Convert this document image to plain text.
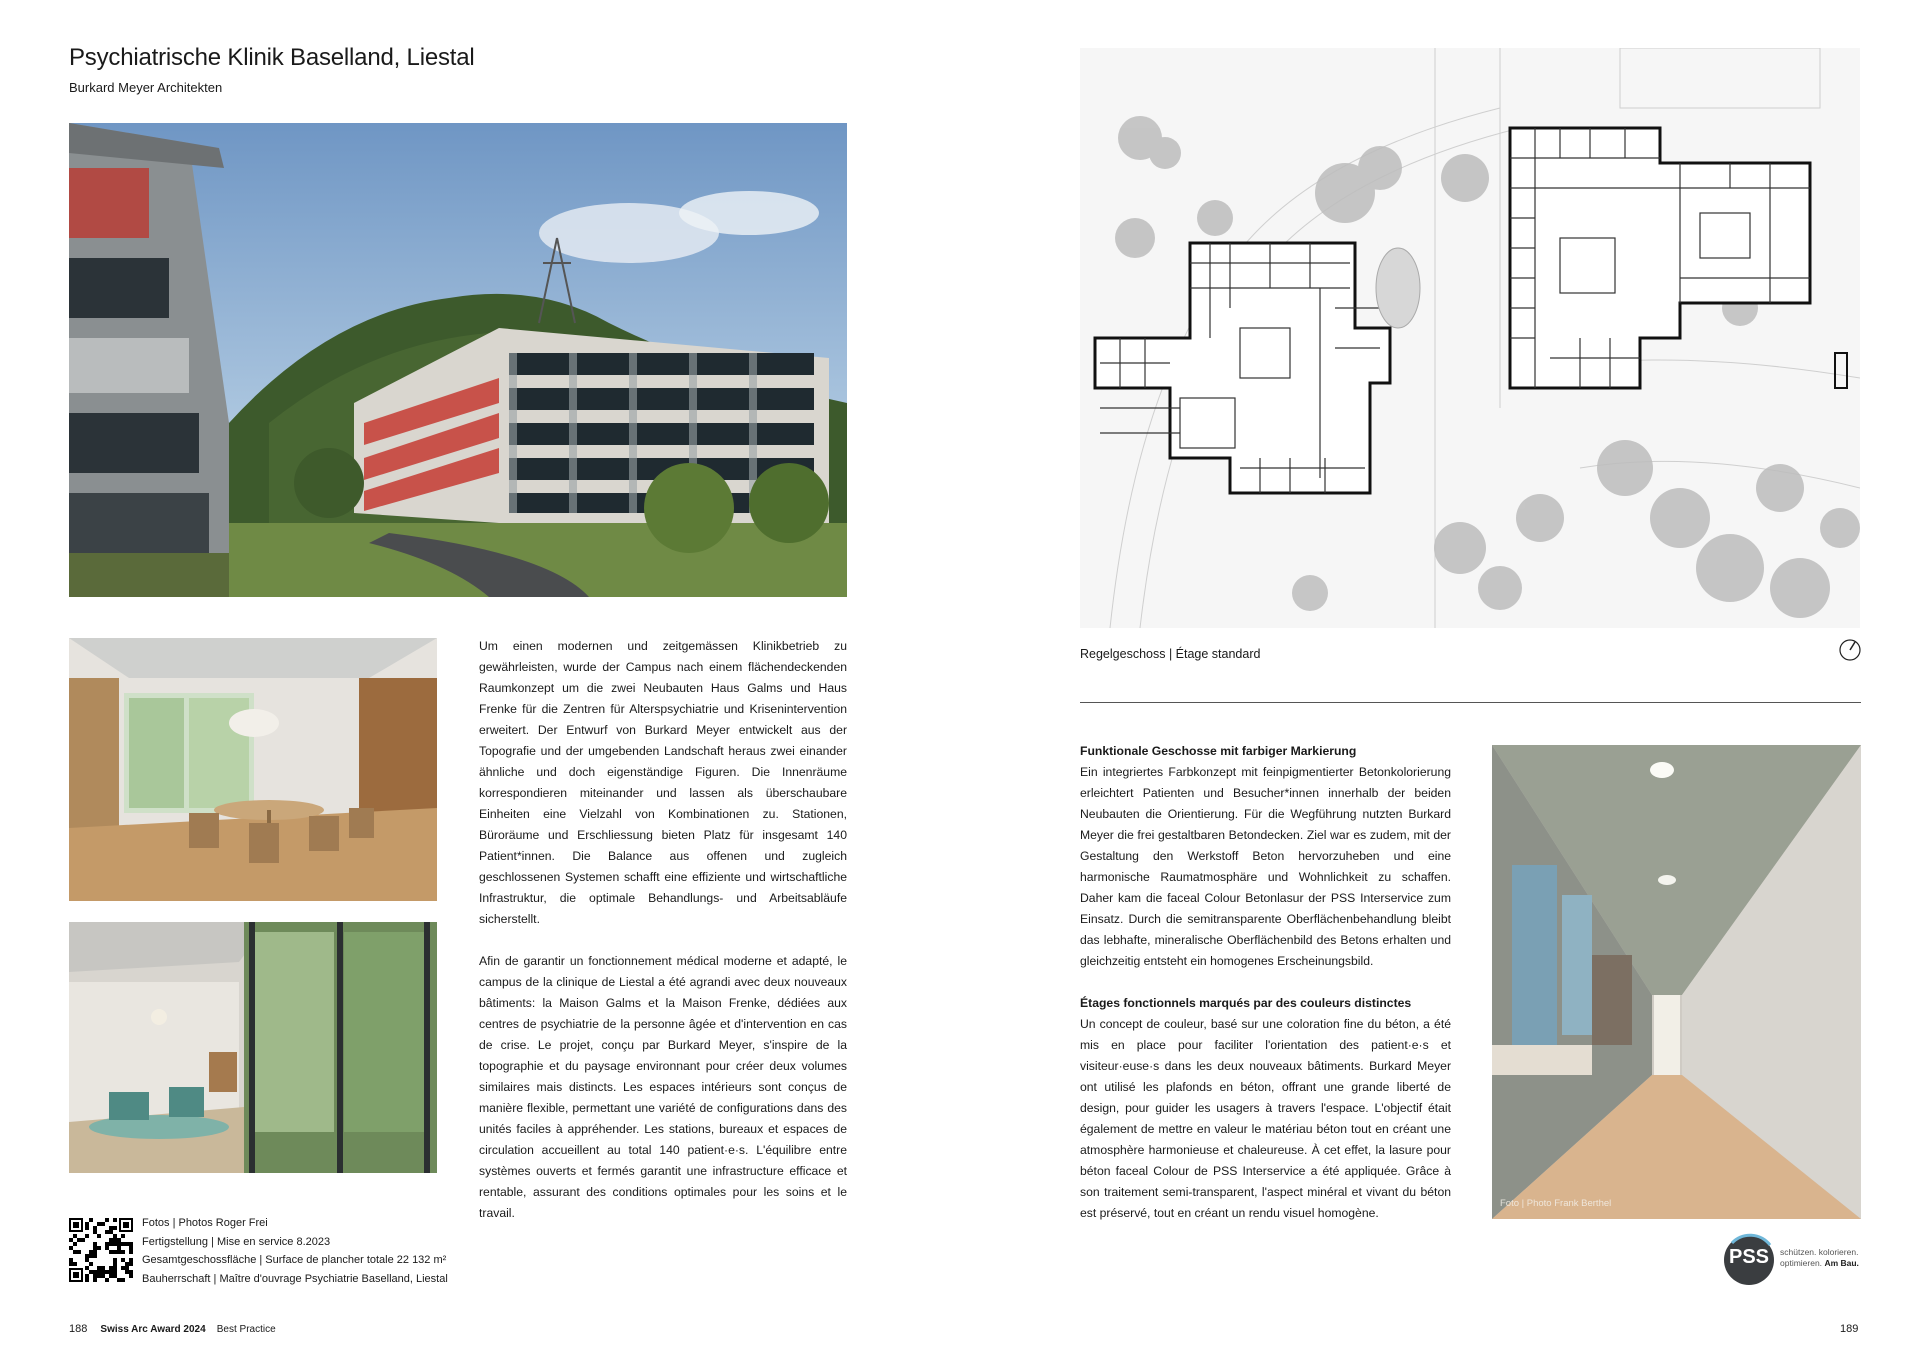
Psychiatrische Klinik Baselland, Liestal
Burkard Meyer Architekten

Um einen modernen und zeitgemässen Klinikbetrieb zu gewährleisten, wurde der Campus nach einem flächendeckenden Raumkonzept um die zwei Neubauten Haus Galms und Haus Frenke für die Zentren für Alterspsychiatrie und Krisenintervention erweitert. Der Entwurf von Burkard Meyer entwickelt aus der Topografie und der umgebenden Landschaft heraus zwei einander ähnliche und doch eigenständige Figuren. Die Innenräume korrespondieren miteinander und lassen als überschaubare Einheiten eine Vielzahl von Kombinationen zu. Stationen, Büroräume und Erschliessung bieten Platz für insgesamt 140 Patient*innen. Die Balance aus offenen und zugleich geschlossenen Systemen schafft eine effiziente und wirtschaftliche Infrastruktur, die optimale Behandlungs- und Arbeitsabläufe sicherstellt.

Afin de garantir un fonctionnement médical moderne et adapté, le campus de la clinique de Liestal a été agrandi avec deux nouveaux bâtiments: la Maison Galms et la Maison Frenke, dédiées aux centres de psychiatrie de la personne âgée et d'intervention en cas de crise. Le projet, conçu par Burkard Meyer, s'inspire de la topographie et du paysage environnant pour créer deux volumes similaires mais distincts. Les espaces intérieurs sont conçus de manière flexible, permettant une variété de configurations dans des unités faciles à appréhender. Les stations, bureaux et espaces de circulation accueillent au total 140 patient·e·s. L'équilibre entre systèmes ouverts et fermés garantit une infrastructure efficace et rentable, assurant des conditions optimales pour les soins et le travail.

Fotos | Photos Roger Frei
Fertigstellung | Mise en service 8.2023
Gesamtgeschossfläche | Surface de plancher totale 22 132 m²
Bauherrschaft | Maître d'ouvrage Psychiatrie Baselland, Liestal
188 Swiss Arc Award 2024 Best Practice
Regelgeschoss | Étage standard
Funktionale Geschosse mit farbiger Markierung

Ein integriertes Farbkonzept mit feinpigmentierter Betonkolorierung erleichtert Patienten und Besucher*innen innerhalb der beiden Neubauten die Orientierung. Für die Wegführung nutzten Burkard Meyer die frei gestaltbaren Betondecken. Ziel war es zudem, mit der Gestaltung den Werkstoff Beton hervorzuheben und eine harmonische Raumatmosphäre und Wohnlichkeit zu schaffen. Daher kam die faceal Colour Betonlasur der PSS Interservice zum Einsatz. Durch die semitransparente Oberflächenbehandlung bleibt das lebhafte, mineralische Oberflächenbild des Betons erhalten und gleichzeitig entsteht ein homogenes Erscheinungsbild.

Étages fonctionnels marqués par des couleurs distinctes

Un concept de couleur, basé sur une coloration fine du béton, a été mis en place pour faciliter l'orientation des patient·e·s et visiteur·euse·s dans les deux nouveaux bâtiments. Burkard Meyer ont utilisé les plafonds en béton, offrant une grande liberté de design, pour guider les usagers à travers l'espace. L'objectif était également de mettre en valeur le matériau béton tout en créant une atmosphère harmonieuse et chaleureuse. À cet effet, la lasure pour béton faceal Colour de PSS Interservice a été appliquée. Grâce à son traitement semi-transparent, l'aspect minéral et vivant du béton est préservé, tout en créant un rendu visuel homogène.

Foto | Photo Frank Berthel
PSS	schützen. kolorieren.
optimieren. Am Bau.
189
